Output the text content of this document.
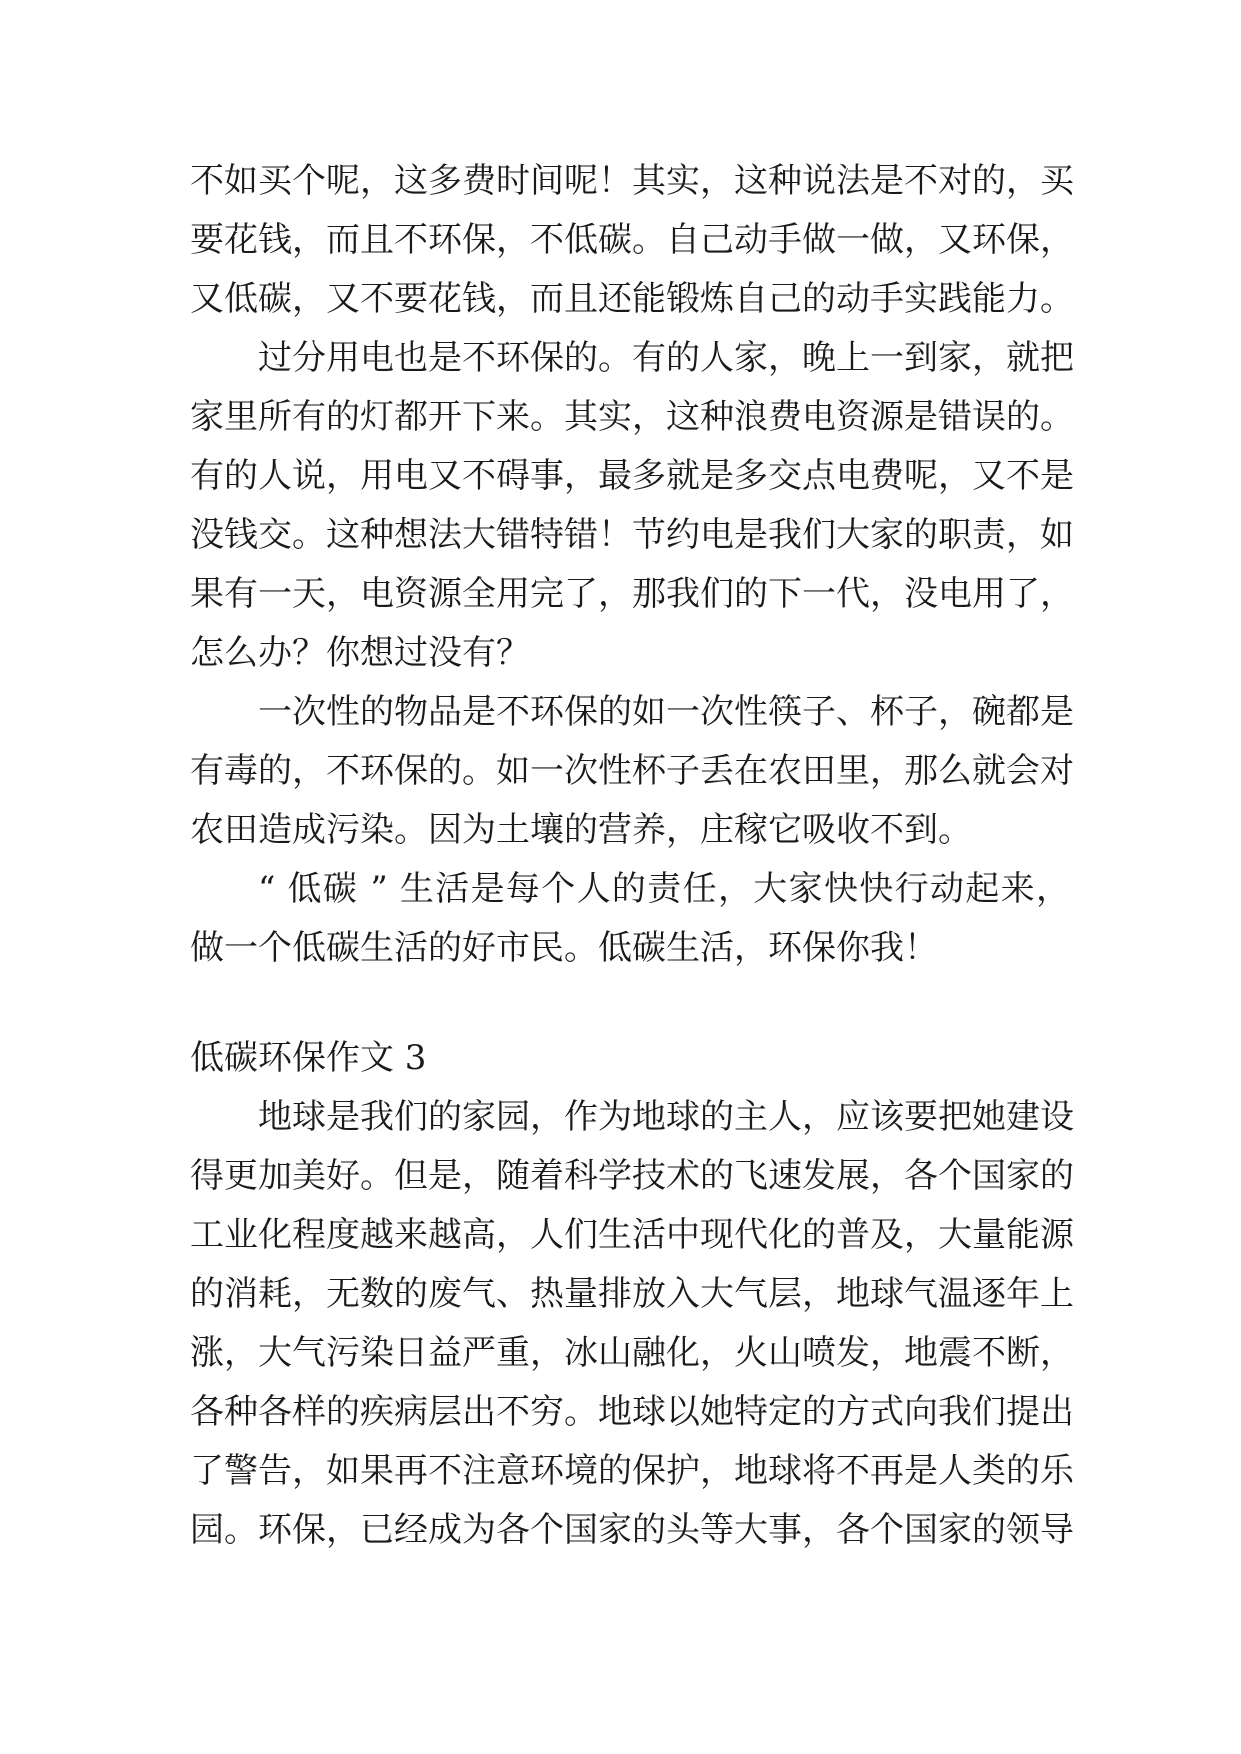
不如买个呢，这多费时间呢！其实，这种说法是不对的，买
要花钱，而且不环保，不低碳。自己动手做一做，又环保，
又低碳，又不要花钱，而且还能锻炼自己的动手实践能力。
过分用电也是不环保的。有的人家，晚上一到家，就把
家里所有的灯都开下来。其实，这种浪费电资源是错误的。
有的人说，用电又不碍事，最多就是多交点电费呢，又不是
没钱交。这种想法大错特错！节约电是我们大家的职责，如
果有一天，电资源全用完了，那我们的下一代，没电用了，
怎么办？你想过没有？
一次性的物品是不环保的如一次性筷子、杯子，碗都是
有毒的，不环保的。如一次性杯子丢在农田里，那么就会对
农田造成污染。因为土壤的营养，庄稼它吸收不到。
“ 低碳 ” 生活是每个人的责任，大家快快行动起来，
做一个低碳生活的好市民。低碳生活，环保你我！
低碳环保作文 3
地球是我们的家园，作为地球的主人，应该要把她建设
得更加美好。但是，随着科学技术的飞速发展，各个国家的
工业化程度越来越高，人们生活中现代化的普及，大量能源
的消耗，无数的废气、热量排放入大气层，地球气温逐年上
涨，大气污染日益严重，冰山融化，火山喷发，地震不断，
各种各样的疾病层出不穷。地球以她特定的方式向我们提出
了警告，如果再不注意环境的保护，地球将不再是人类的乐
园。环保，已经成为各个国家的头等大事，各个国家的领导
